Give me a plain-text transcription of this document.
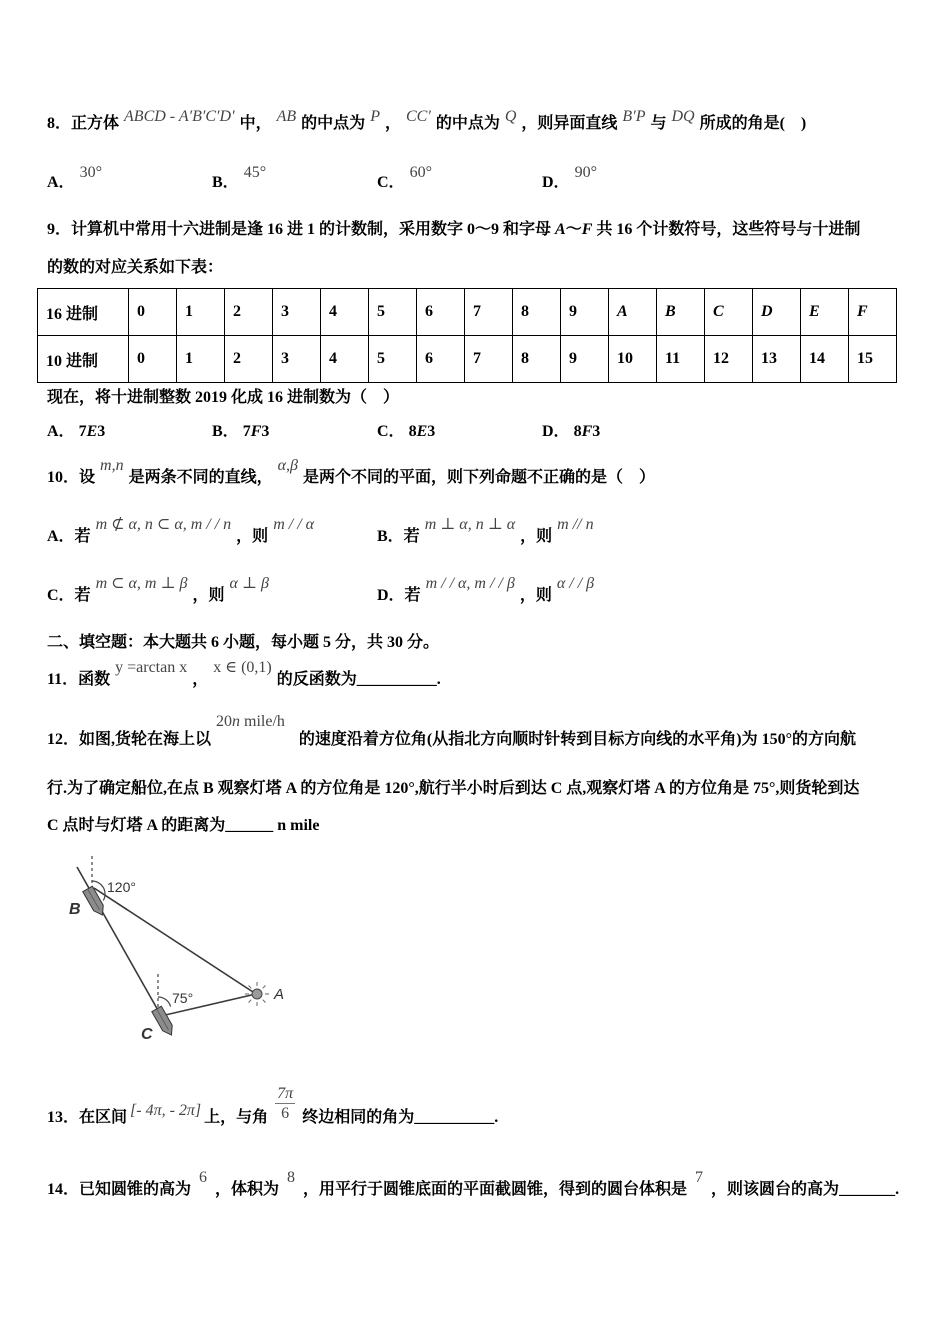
8．正方体 ABCD - A′B′C′D′ 中， AB 的中点为 P ， CC′ 的中点为 Q ，则异面直线 B′P 与 DQ 所成的角是(　)
A．
30°
B．
45°
C．
60°
D．
90°
9．计算机中常用十六进制是逢 16 进 1 的计数制，采用数字 0～9 和字母 A ～ F 共 16 个计数符号，这些符号与十进制
的数的对应关系如下表：
16 进制	0	1	2	3	4	5	6	7	8	9	A	B	C	D	E	F
10 进制	0	1	2	3	4	5	6	7	8	9	10	11	12	13	14	15
现在，将十进制整数 2019 化成 16 进制数为（　）
A． 7 E 3	B． 7 F 3	C． 8 E 3	D． 8 F 3
10．设
m,n
是两条不同的直线，
α,β
是两个不同的平面，则下列命题不正确的是（　）
A．若
m ⊄ α, n ⊂ α, m / / n
，则
m / / α
B．若
m ⊥ α, n ⊥ α
，则
m // n
C．若
m ⊂ α, m ⊥ β
，则
α ⊥ β
D．若
m / / α, m / / β
，则
α / / β
二、填空题：本大题共 6 小题，每小题 5 分，共 30 分。
11．函数
y =arctan x
，
x ∈ (0,1)
的反函数为 __________ .
12．如图,货轮在海上以
20 n mile/h
的速度沿着方位角(从指北方向顺时针转到目标方向线的水平角)为 150°的方向航
行.为了确定船位,在点 B 观察灯塔 A 的方位角是 120°,航行半小时后到达 C 点,观察灯塔 A 的方位角是 75°,则货轮到达
C 点时与灯塔 A 的距离为 ______ n mile
120°
75°
B
C
A
13．在区间 [- 4π, - 2π] 上，与角 $\frac{7\pi}{6}$ 终边相同的角为 __________ .
14．已知圆锥的高为
6
，体积为
8
，用平行于圆锥底面的平面截圆锥，得到的圆台体积是
7
，则该圆台的高为 _______ .
